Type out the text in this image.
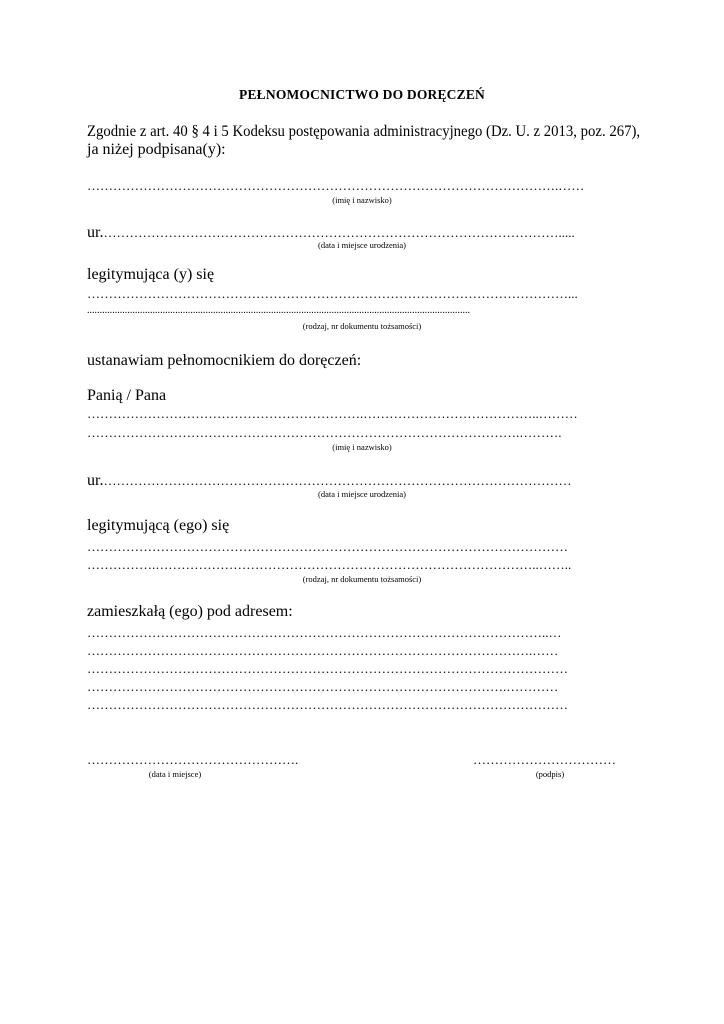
PEŁNOMOCNICTWO DO DORĘCZEŃ

Zgodnie z art. 40 § 4 i 5 Kodeksu postępowania administracyjnego (Dz. U. z 2013, poz. 267),

ja niżej podpisana(y):

……………………………………………………………………………………………….……
(imię i nazwisko)
ur.…………………………………………………………………………………………….....
(data i miejsce urodzenia)

legitymująca (y) się

…………………………………………………………………………………………………...
........................................................................................................................................................
(rodzaj, nr dokumentu tożsamości)

ustanawiam pełnomocnikiem do doręczeń:

Panią / Pana

……………………………………………………….…………………………………..………
……………………………………………………………………………………….……….
(imię i nazwisko)
ur.………………………………………………………………………………………………
(data i miejsce urodzenia)

legitymującą (ego) się

…………………………………………………………………………………………………
…………….……………………………………………………………………………..……..
(rodzaj, nr dokumentu tożsamości)

zamieszkałą (ego) pod adresem:

……………………………………………………………………………………………..…
………………………………………………………………………………………….……
…………………………………………………………………………………………………
…………………………………………………………………………………….…………
…………………………………………………………………………………………………
………………………………………….
(data i miejsce)
……………………………
(podpis)
